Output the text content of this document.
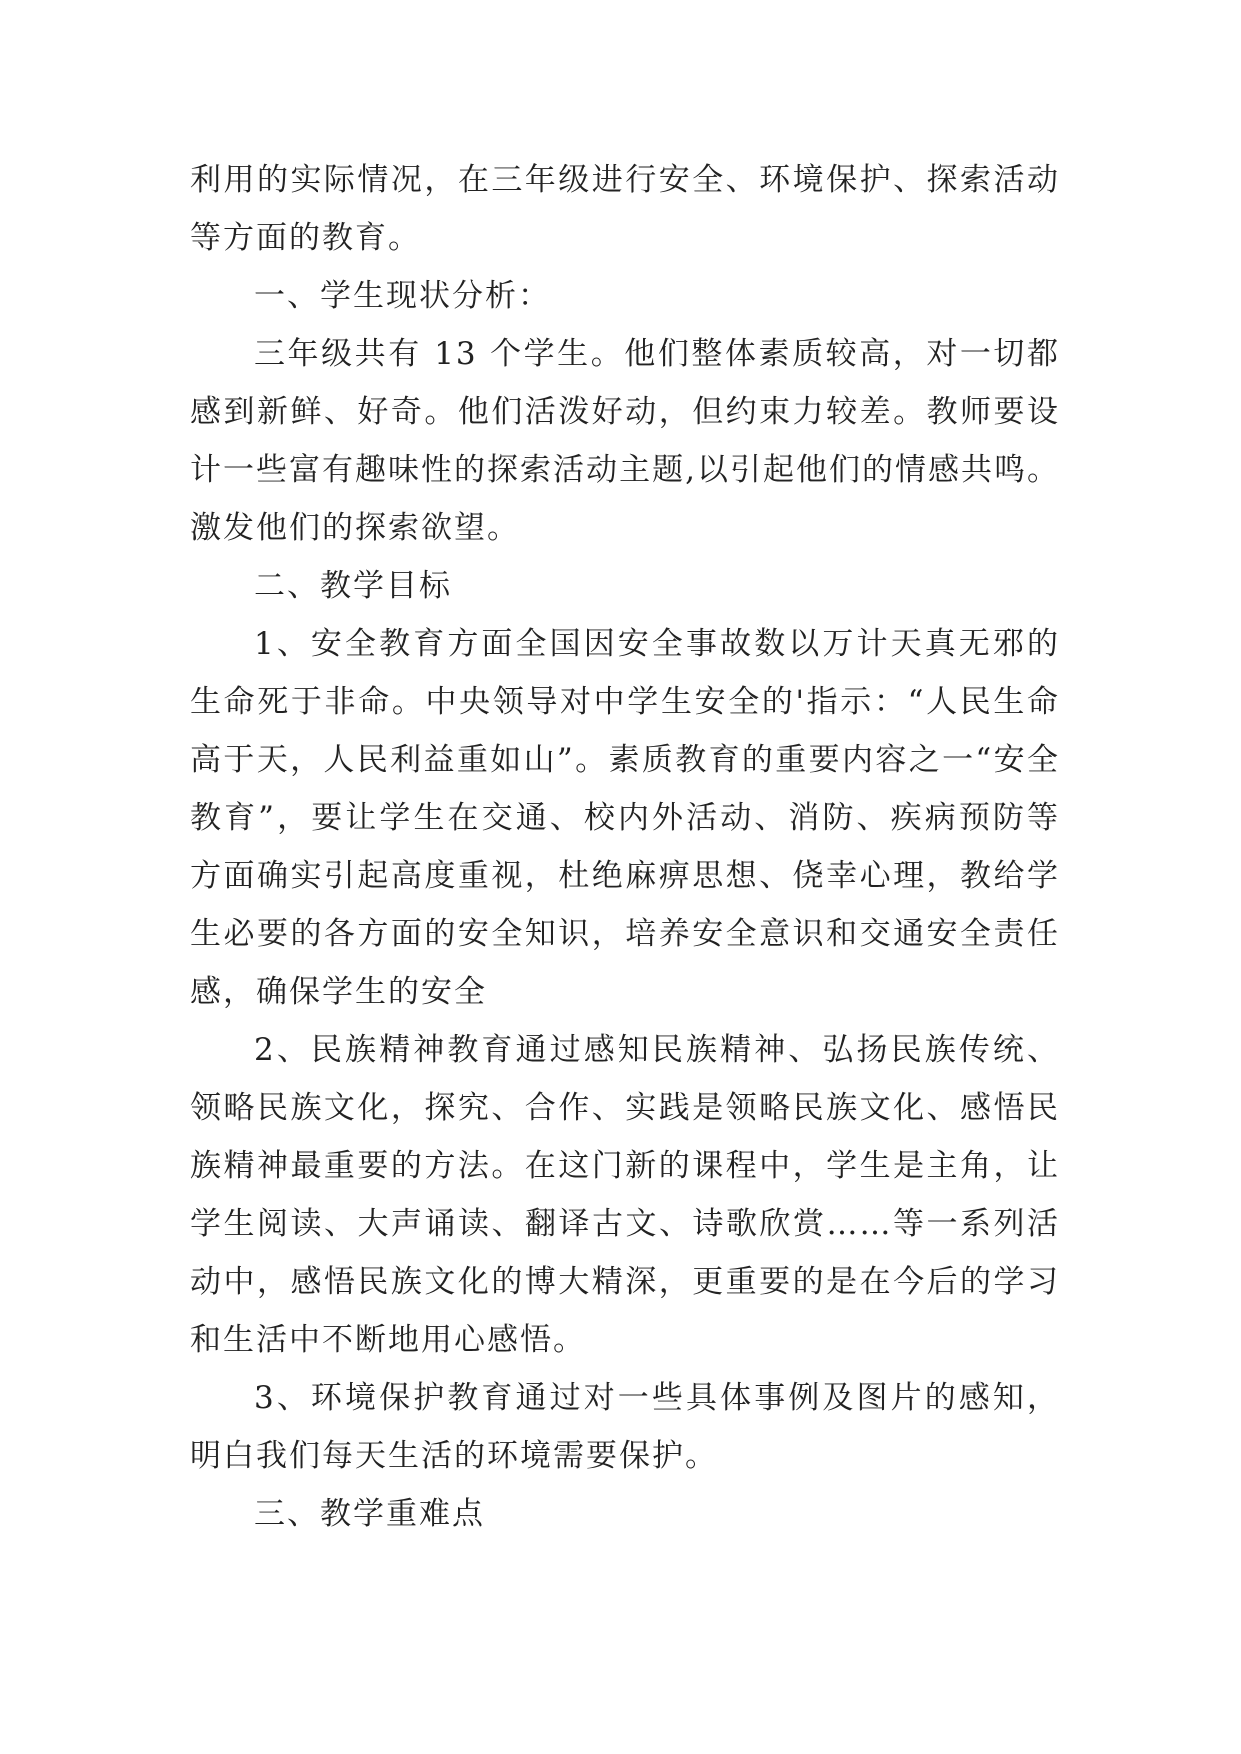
利用的实际情况，在三年级进行安全、环境保护、探索活动等方面的教育。

一、学生现状分析：

三年级共有 13 个学生。他们整体素质较高，对一切都感到新鲜、好奇。他们活泼好动，但约束力较差。教师要设计一些富有趣味性的探索活动主题,以引起他们的情感共鸣。激发他们的探索欲望。

二、教学目标

1、安全教育方面全国因安全事故数以万计天真无邪的生命死于非命。中央领导对中学生安全的'指示：“人民生命高于天，人民利益重如山”。素质教育的重要内容之一“安全教育”，要让学生在交通、校内外活动、消防、疾病预防等方面确实引起高度重视，杜绝麻痹思想、侥幸心理，教给学生必要的各方面的安全知识，培养安全意识和交通安全责任感，确保学生的安全

2、民族精神教育通过感知民族精神、弘扬民族传统、领略民族文化，探究、合作、实践是领略民族文化、感悟民族精神最重要的方法。在这门新的课程中，学生是主角，让学生阅读、大声诵读、翻译古文、诗歌欣赏……等一系列活动中，感悟民族文化的博大精深，更重要的是在今后的学习和生活中不断地用心感悟。

3、环境保护教育通过对一些具体事例及图片的感知，明白我们每天生活的环境需要保护。

三、教学重难点
